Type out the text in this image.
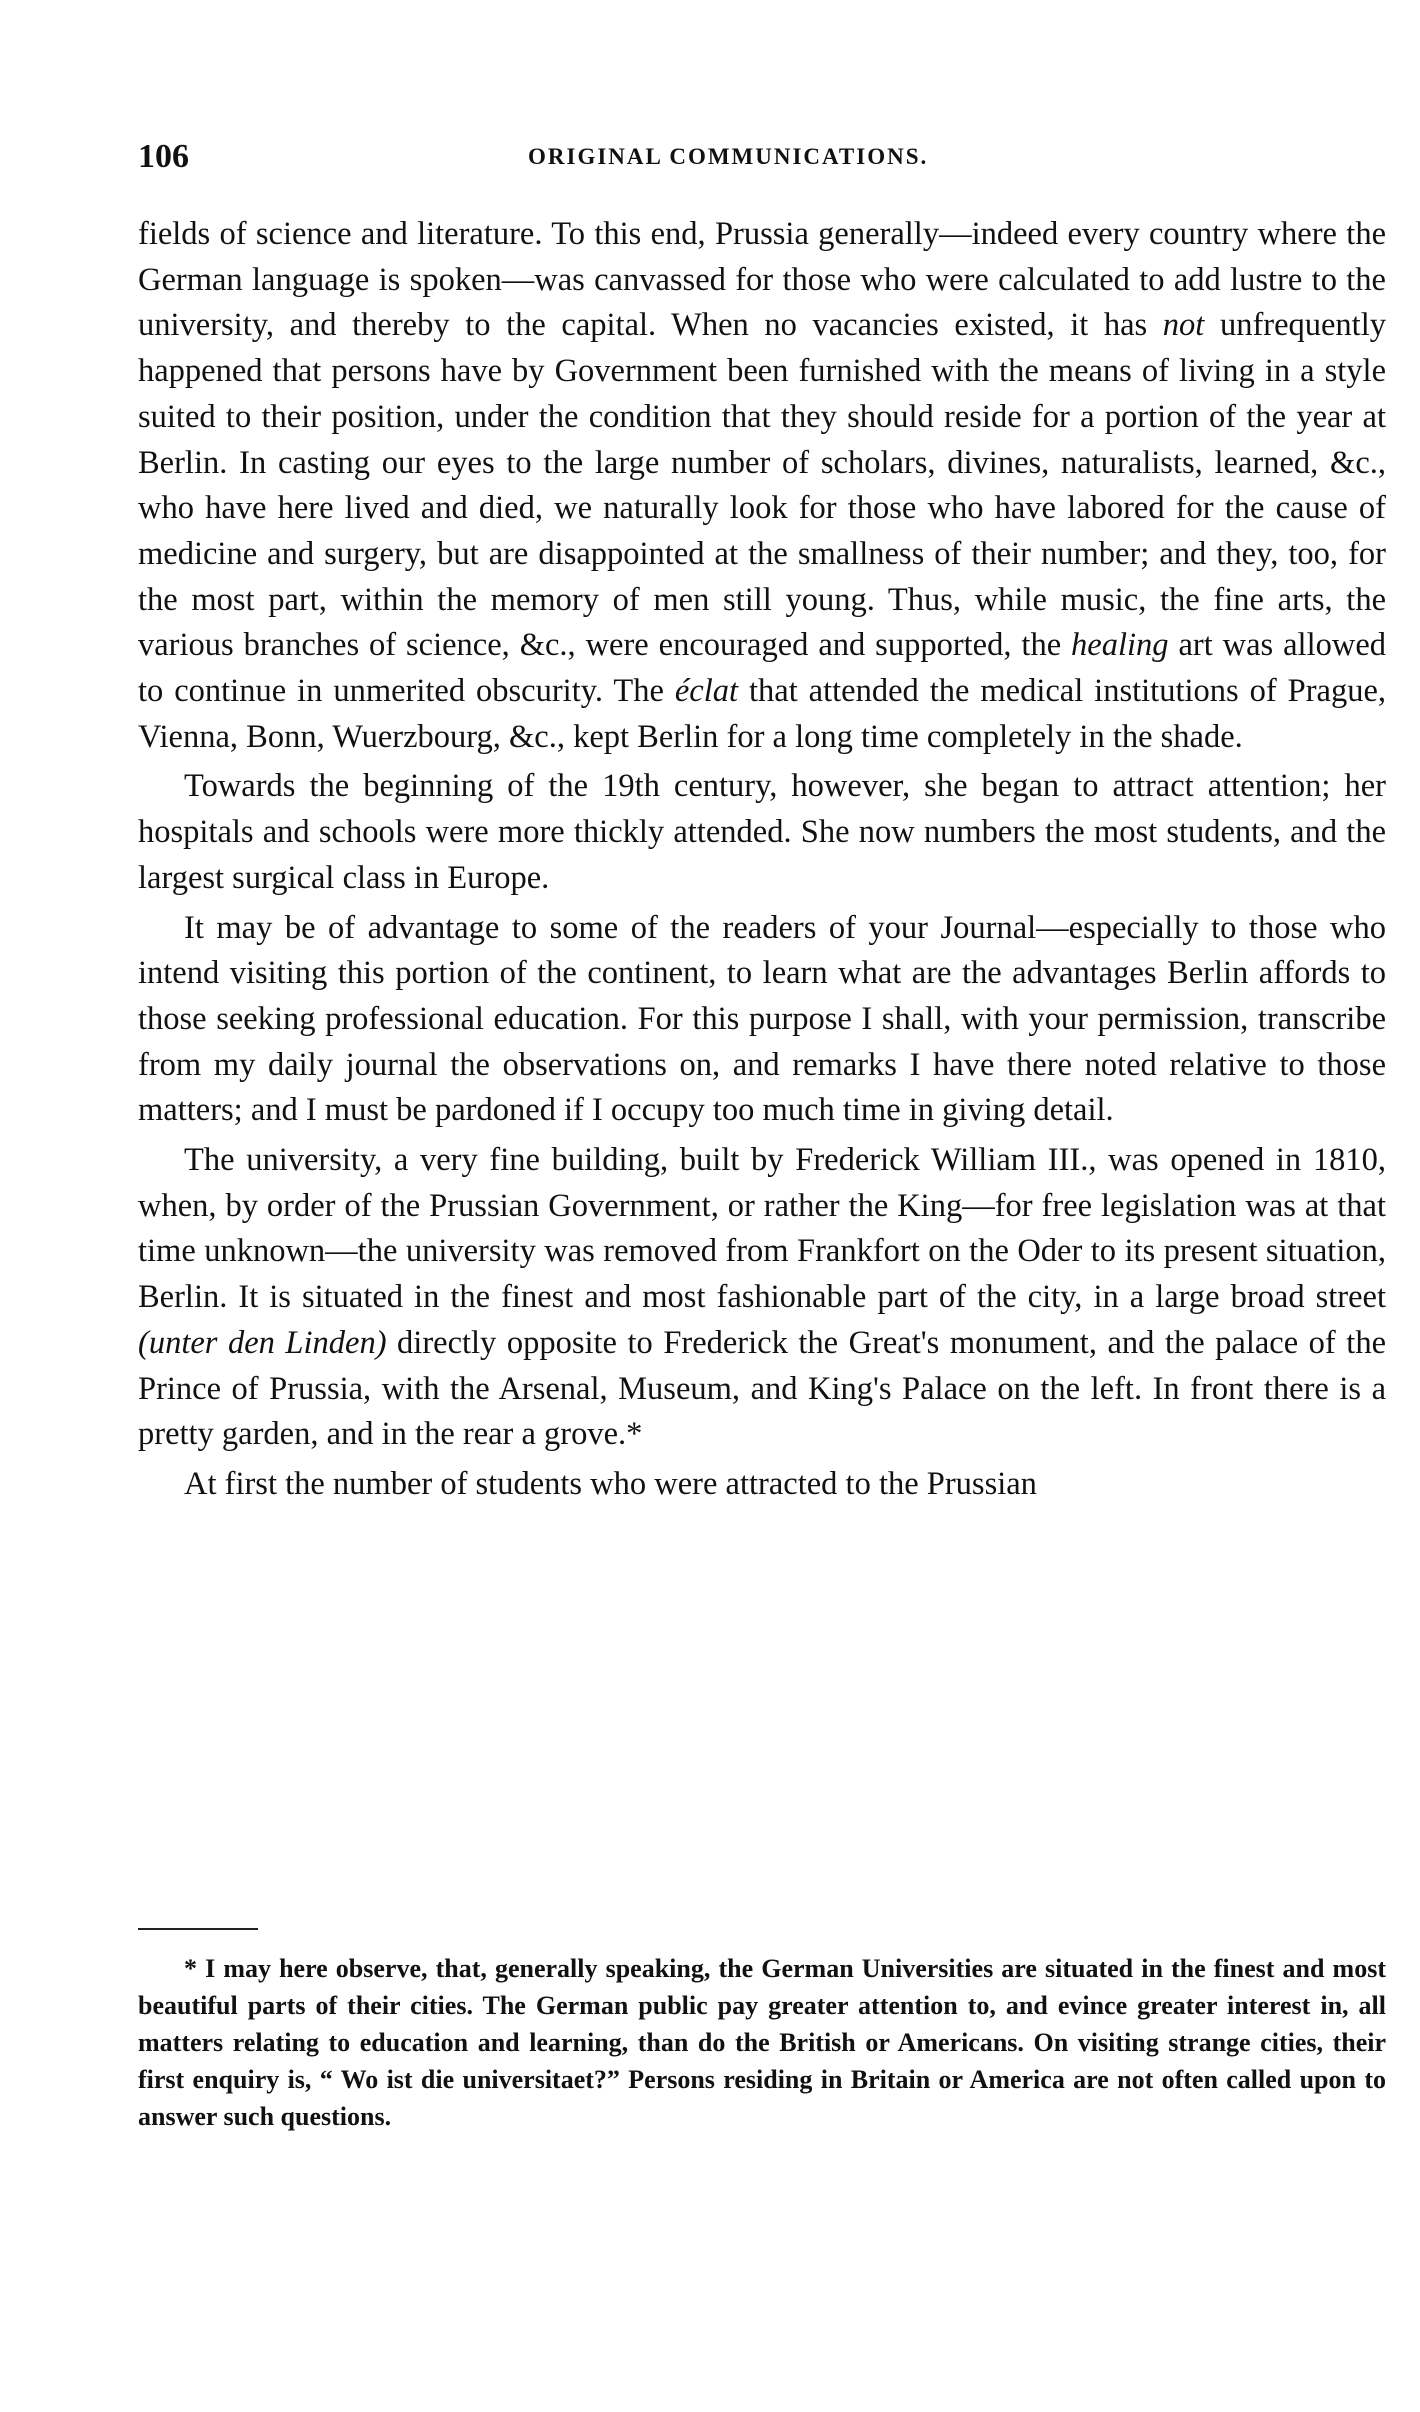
106	ORIGINAL COMMUNICATIONS.

fields of science and literature. To this end, Prussia generally—indeed every country where the German language is spoken—was canvassed for those who were calculated to add lustre to the university, and thereby to the capital. When no vacancies existed, it has not unfrequently happened that persons have by Government been furnished with the means of living in a style suited to their position, under the condition that they should reside for a portion of the year at Berlin. In casting our eyes to the large number of scholars, divines, naturalists, learned, &c., who have here lived and died, we naturally look for those who have labored for the cause of medicine and surgery, but are disappointed at the smallness of their number; and they, too, for the most part, within the memory of men still young. Thus, while music, the fine arts, the various branches of science, &c., were encouraged and supported, the healing art was allowed to continue in unmerited obscurity. The éclat that attended the medical institutions of Prague, Vienna, Bonn, Wuerzbourg, &c., kept Berlin for a long time completely in the shade.

Towards the beginning of the 19th century, however, she began to attract attention; her hospitals and schools were more thickly attended. She now numbers the most students, and the largest surgical class in Europe.

It may be of advantage to some of the readers of your Journal—especially to those who intend visiting this portion of the continent, to learn what are the advantages Berlin affords to those seeking professional education. For this purpose I shall, with your permission, transcribe from my daily journal the observations on, and remarks I have there noted relative to those matters; and I must be pardoned if I occupy too much time in giving detail.

The university, a very fine building, built by Frederick William III., was opened in 1810, when, by order of the Prussian Government, or rather the King—for free legislation was at that time unknown—the university was removed from Frankfort on the Oder to its present situation, Berlin. It is situated in the finest and most fashionable part of the city, in a large broad street (unter den Linden) directly opposite to Frederick the Great's monument, and the palace of the Prince of Prussia, with the Arsenal, Museum, and King's Palace on the left. In front there is a pretty garden, and in the rear a grove.*

At first the number of students who were attracted to the Prussian

* I may here observe, that, generally speaking, the German Universities are situated in the finest and most beautiful parts of their cities. The German public pay greater attention to, and evince greater interest in, all matters relating to education and learning, than do the British or Americans. On visiting strange cities, their first enquiry is, “ Wo ist die universitaet?” Persons residing in Britain or America are not often called upon to answer such questions.
